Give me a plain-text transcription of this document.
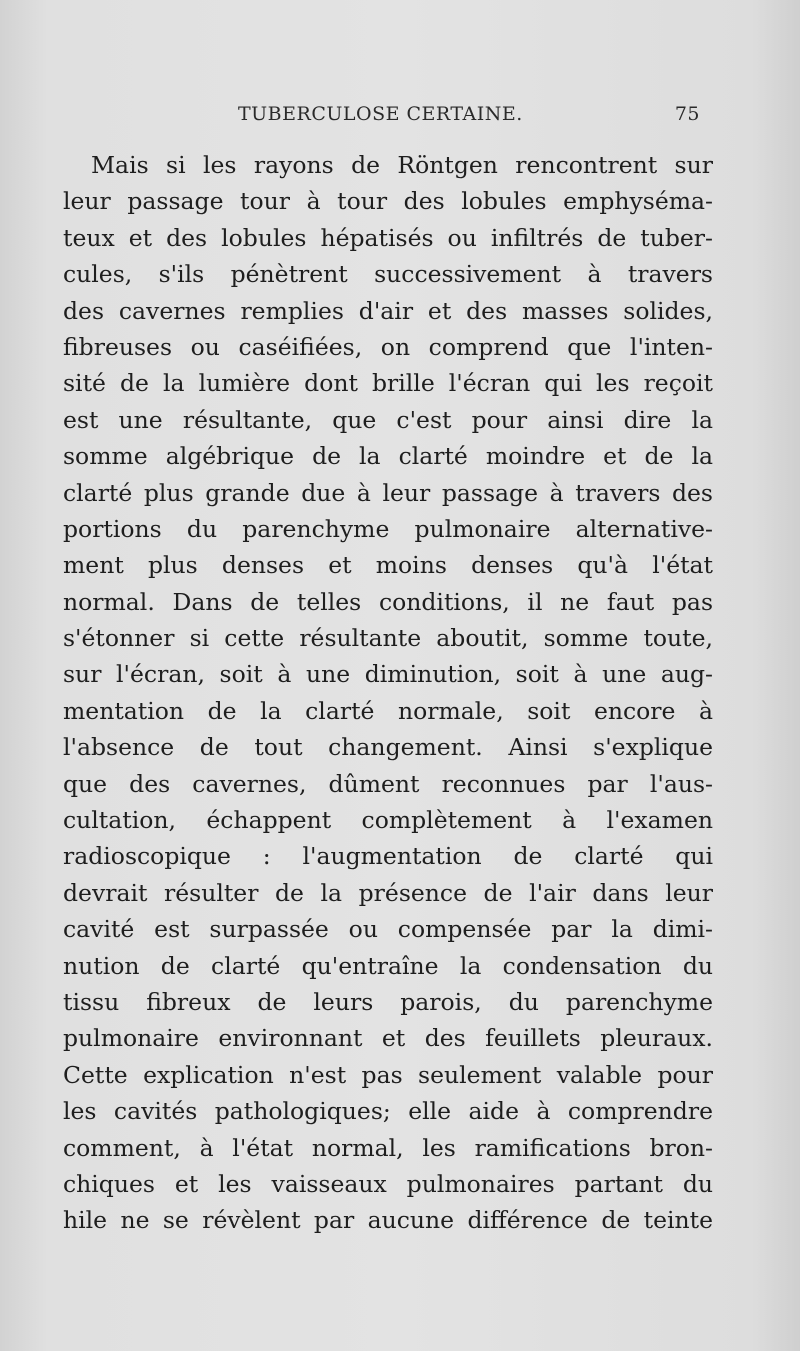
TUBERCULOSE CERTAINE.	75
Mais si les rayons de Röntgen rencontrent sur
leur passage tour à tour des lobules emphyséma-
teux et des lobules hépatisés ou infiltrés de tuber-
cules, s'ils pénètrent successivement à travers
des cavernes remplies d'air et des masses solides,
fibreuses ou caséifiées, on comprend que l'inten-
sité de la lumière dont brille l'écran qui les reçoit
est une résultante, que c'est pour ainsi dire la
somme algébrique de la clarté moindre et de la
clarté plus grande due à leur passage à travers des
portions du parenchyme pulmonaire alternative-
ment plus denses et moins denses qu'à l'état
normal. Dans de telles conditions, il ne faut pas
s'étonner si cette résultante aboutit, somme toute,
sur l'écran, soit à une diminution, soit à une aug-
mentation de la clarté normale, soit encore à
l'absence de tout changement. Ainsi s'explique
que des cavernes, dûment reconnues par l'aus-
cultation, échappent complètement à l'examen
radioscopique : l'augmentation de clarté qui
devrait résulter de la présence de l'air dans leur
cavité est surpassée ou compensée par la dimi-
nution de clarté qu'entraîne la condensation du
tissu fibreux de leurs parois, du parenchyme
pulmonaire environnant et des feuillets pleuraux.
Cette explication n'est pas seulement valable pour
les cavités pathologiques; elle aide à comprendre
comment, à l'état normal, les ramifications bron-
chiques et les vaisseaux pulmonaires partant du
hile ne se révèlent par aucune différence de teinte
